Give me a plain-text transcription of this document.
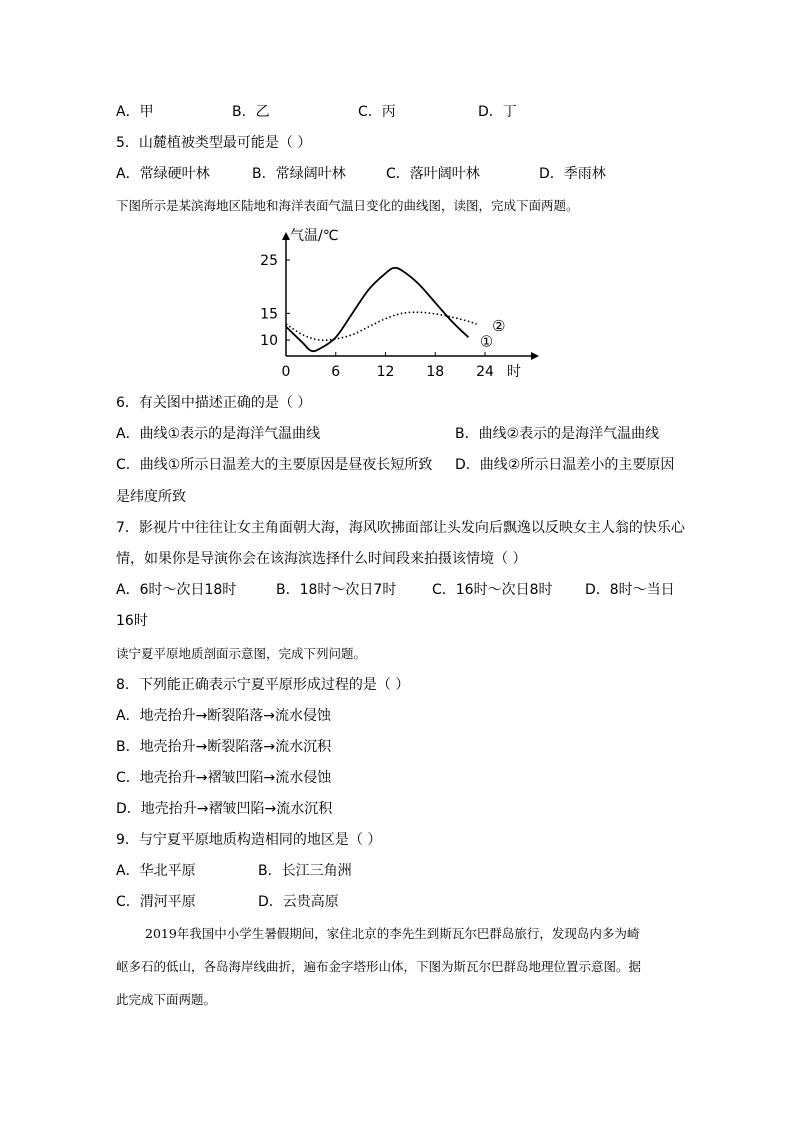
A．甲	B．乙	C．丙	D．丁
5．山麓植被类型最可能是（ ）
A．常绿硬叶林	B．常绿阔叶林	C．落叶阔叶林	D．季雨林
下图所示是某滨海地区陆地和海洋表面气温日变化的曲线图，读图，完成下面两题。
气温/℃
10
15
25
0	6	12 18 24 时
①
②
6．有关图中描述正确的是（ ）
A．曲线①表示的是海洋气温曲线	B．曲线②表示的是海洋气温曲线
C．曲线①所示日温差大的主要原因是昼夜长短所致 D．曲线②所示日温差小的主要原因
是纬度所致
7．影视片中往往让女主角面朝大海，海风吹拂面部让头发向后飘逸以反映女主人翁的快乐心
情，如果你是导演你会在该海滨选择什么时间段来拍摄该情境（ ）
A．6时～次日18时	B．18时～次日7时	C．16时～次日8时 D．8时～当日
16时
读宁夏平原地质剖面示意图，完成下列问题。
8．下列能正确表示宁夏平原形成过程的是（ ）
A．地壳抬升→断裂陷落→流水侵蚀
B．地壳抬升→断裂陷落→流水沉积
C．地壳抬升→褶皱凹陷→流水侵蚀
D．地壳抬升→褶皱凹陷→流水沉积
9．与宁夏平原地质构造相同的地区是（ ）
A．华北平原	B．长江三角洲
C．渭河平原	D．云贵高原
2019年我国中小学生暑假期间，家住北京的李先生到斯瓦尔巴群岛旅行，发现岛内多为崎
岖多石的低山，各岛海岸线曲折，遍布金字塔形山体，下图为斯瓦尔巴群岛地理位置示意图。据
此完成下面两题。
